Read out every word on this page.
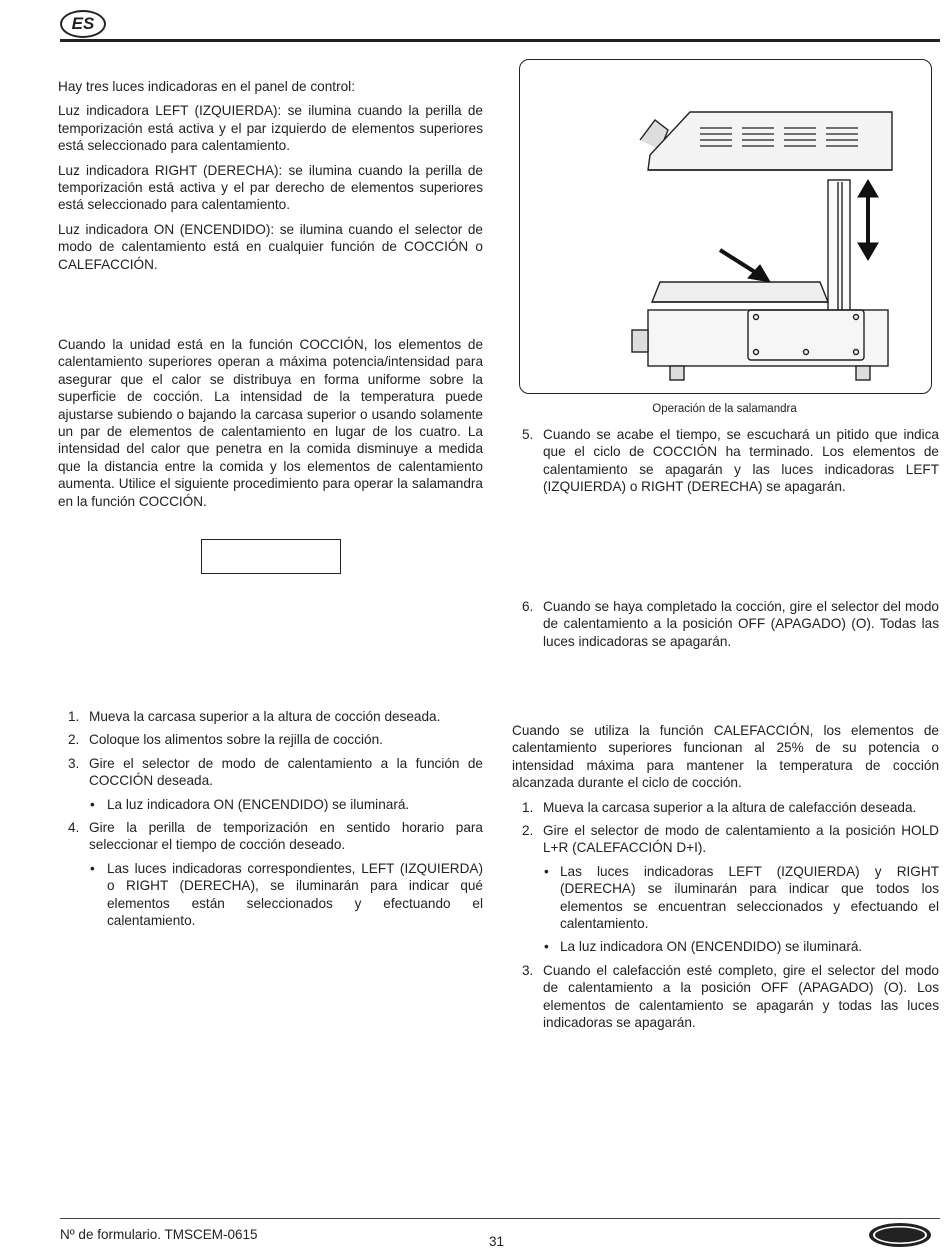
ES

Hay tres luces indicadoras en el panel de control:

Luz indicadora LEFT (IZQUIERDA): se ilumina cuando la perilla de temporización está activa y el par izquierdo de elementos superiores está seleccionado para calentamiento.

Luz indicadora RIGHT (DERECHA): se ilumina cuando la perilla de temporización está activa y el par derecho de elementos superiores está seleccionado para calentamiento.

Luz indicadora ON (ENCENDIDO): se ilumina cuando el selector de modo de calentamiento está en cualquier función de COCCIÓN o CALEFACCIÓN.

Cuando la unidad está en la función COCCIÓN, los elementos de calentamiento superiores operan a máxima potencia/intensidad para asegurar que el calor se distribuya en forma uniforme sobre la superficie de cocción. La intensidad de la temperatura puede ajustarse subiendo o bajando la carcasa superior o usando solamente un par de elementos de calentamiento en lugar de los cuatro. La intensidad del calor que penetra en la comida disminuye a medida que la distancia entre la comida y los elementos de calentamiento aumenta. Utilice el siguiente procedimiento para operar la salamandra en la función COCCIÓN.

1. Mueva la carcasa superior a la altura de cocción deseada.
2. Coloque los alimentos sobre la rejilla de cocción.
3. Gire el selector de modo de calentamiento a la función de COCCIÓN deseada.
• La luz indicadora ON (ENCENDIDO) se iluminará.
4. Gire la perilla de temporización en sentido horario para seleccionar el tiempo de cocción deseado.
• Las luces indicadoras correspondientes, LEFT (IZQUIERDA) o RIGHT (DERECHA), se iluminarán para indicar qué elementos están seleccionados y efectuando el calentamiento.
Operación de la salamandra
5. Cuando se acabe el tiempo, se escuchará un pitido que indica que el ciclo de COCCIÓN ha terminado. Los elementos de calentamiento se apagarán y las luces indicadoras LEFT (IZQUIERDA) o RIGHT (DERECHA) se apagarán.
6. Cuando se haya completado la cocción, gire el selector del modo de calentamiento a la posición OFF (APAGADO) (O). Todas las luces indicadoras se apagarán.

Cuando se utiliza la función CALEFACCIÓN, los elementos de calentamiento superiores funcionan al 25% de su potencia o intensidad máxima para mantener la temperatura de cocción alcanzada durante el ciclo de cocción.

1. Mueva la carcasa superior a la altura de calefacción deseada.
2. Gire el selector de modo de calentamiento a la posición HOLD L+R (CALEFACCIÓN D+I).
• Las luces indicadoras LEFT (IZQUIERDA) y RIGHT (DERECHA) se iluminarán para indicar que todos los elementos se encuentran seleccionados y efectuando el calentamiento.
• La luz indicadora ON (ENCENDIDO) se iluminará.
3. Cuando el calefacción esté completo, gire el selector del modo de calentamiento a la posición OFF (APAGADO) (O). Los elementos de calentamiento se apagarán y todas las luces indicadoras se apagarán.
Nº de formulario. TMSCEM-0615	31
